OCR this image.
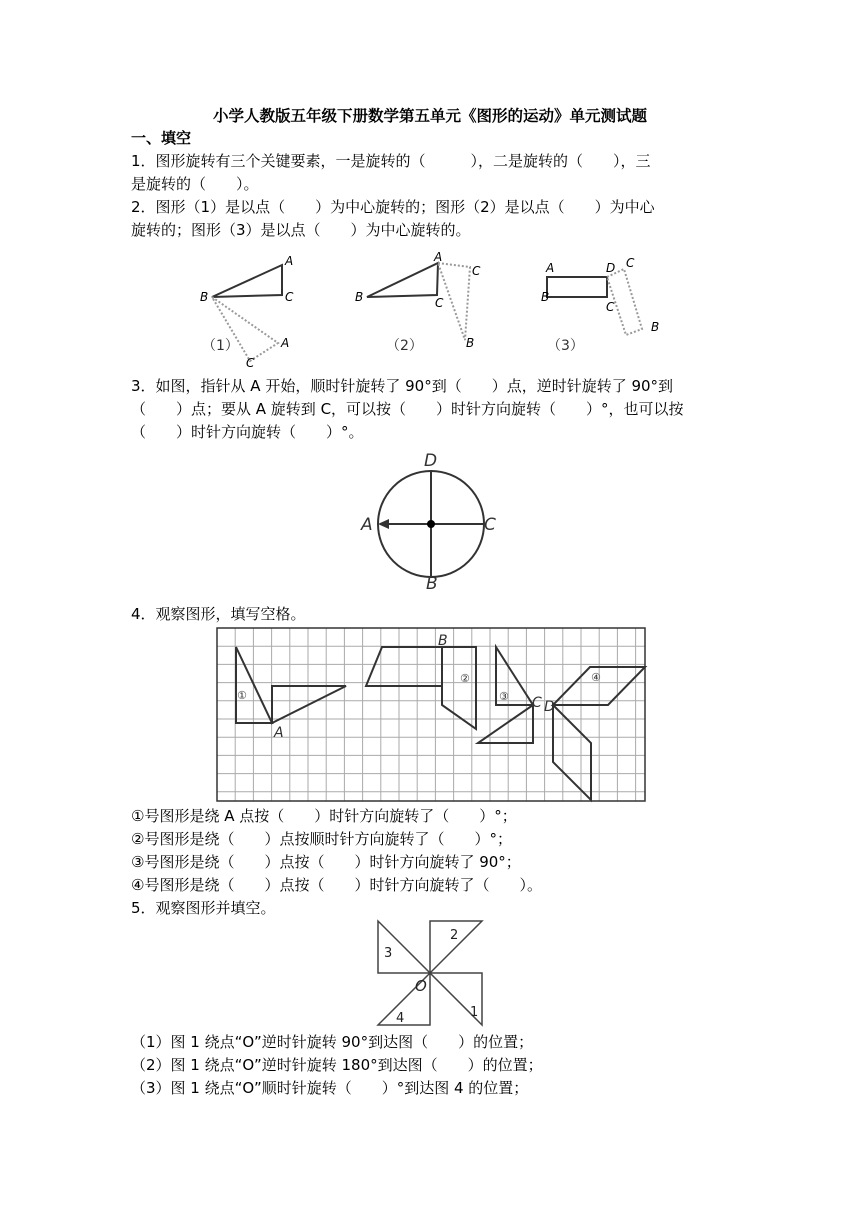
小学人教版五年级下册数学第五单元《图形的运动》单元测试题
一、填空
1．图形旋转有三个关键要素，一是旋转的（　　　），二是旋转的（　　），三
是旋转的（　　）。
2．图形（1）是以点（　　）为中心旋转的；图形（2）是以点（　　）为中心
旋转的；图形（3）是以点（　　）为中心旋转的。
A
B	C
A
C
A
B	C
C
B
A	D
C
B
C
B
（1）	（2）	（3）
3．如图，指针从 A 开始，顺时针旋转了 90°到（　　）点，逆时针旋转了 90°到
（　　）点；要从 A 旋转到 C，可以按（　　）时针方向旋转（　　）°，也可以按
（　　）时针方向旋转（　　）°。
D
A	C
B
4．观察图形，填写空格。
B
A
C D
①
②
③
④
①号图形是绕 A 点按（　　）时针方向旋转了（　　）°；
②号图形是绕（　　）点按顺时针方向旋转了（　　）°；
③号图形是绕（　　）点按（　　）时针方向旋转了 90°；
④号图形是绕（　　）点按（　　）时针方向旋转了（　　）。
5．观察图形并填空。
1
2
3
4
O
（1）图 1 绕点“O”逆时针旋转 90°到达图（　　）的位置；
（2）图 1 绕点“O”逆时针旋转 180°到达图（　　）的位置；
（3）图 1 绕点“O”顺时针旋转（　　）°到达图 4 的位置；
